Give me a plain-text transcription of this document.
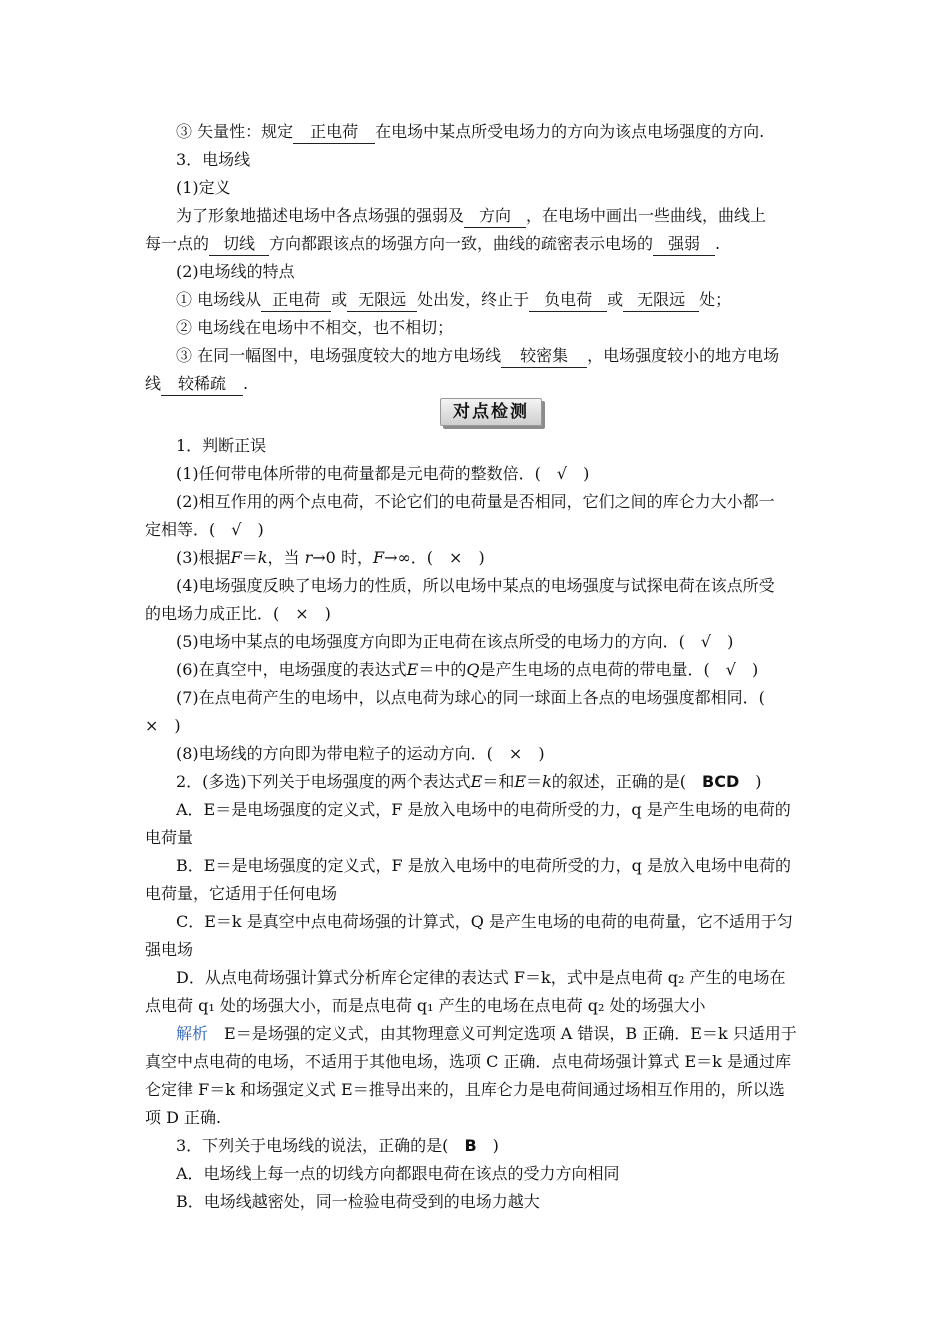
③ 矢量性：规定 正电荷 在电场中某点所受电场力的方向为该点电场强度的方向.
3．电场线
(1)定义
为了形象地描述电场中各点场强的强弱及 方向 ，在电场中画出一些曲线，曲线上
每一点的 切线 方向都跟该点的场强方向一致，曲线的疏密表示电场的 强弱 .
(2)电场线的特点
① 电场线从 正电荷 或 无限远 处出发，终止于 负电荷 或 无限远 处；
② 电场线在电场中不相交，也不相切；
③ 在同一幅图中，电场强度较大的地方电场线 较密集 ，电场强度较小的地方电场
线 较稀疏 .
对点检测
1．判断正误
(1)任何带电体所带的电荷量都是元电荷的整数倍．(　√　)
(2)相互作用的两个点电荷，不论它们的电荷量是否相同，它们之间的库仑力大小都一
定相等．(　√　)
(3)根据F＝k，当 r→0 时，F→∞．(　×　)
(4)电场强度反映了电场力的性质，所以电场中某点的电场强度与试探电荷在该点所受
的电场力成正比．(　×　)
(5)电场中某点的电场强度方向即为正电荷在该点所受的电场力的方向．(　√　)
(6)在真空中，电场强度的表达式E＝中的Q是产生电场的点电荷的带电量．(　√　)
(7)在点电荷产生的电场中，以点电荷为球心的同一球面上各点的电场强度都相同．(
×　)
(8)电场线的方向即为带电粒子的运动方向．(　×　)
2．(多选)下列关于电场强度的两个表达式E＝和E＝k的叙述，正确的是(　BCD　)
A．E＝是电场强度的定义式，F 是放入电场中的电荷所受的力，q 是产生电场的电荷的
电荷量
B．E＝是电场强度的定义式，F 是放入电场中的电荷所受的力，q 是放入电场中电荷的
电荷量，它适用于任何电场
C．E＝k 是真空中点电荷场强的计算式，Q 是产生电场的电荷的电荷量，它不适用于匀
强电场
D．从点电荷场强计算式分析库仑定律的表达式 F＝k，式中是点电荷 q₂ 产生的电场在
点电荷 q₁ 处的场强大小，而是点电荷 q₁ 产生的电场在点电荷 q₂ 处的场强大小
解析　E＝是场强的定义式，由其物理意义可判定选项 A 错误，B 正确．E＝k 只适用于
真空中点电荷的电场，不适用于其他电场，选项 C 正确．点电荷场强计算式 E＝k 是通过库
仑定律 F＝k 和场强定义式 E＝推导出来的，且库仑力是电荷间通过场相互作用的，所以选
项 D 正确.
3．下列关于电场线的说法，正确的是(　B　)
A．电场线上每一点的切线方向都跟电荷在该点的受力方向相同
B．电场线越密处，同一检验电荷受到的电场力越大
